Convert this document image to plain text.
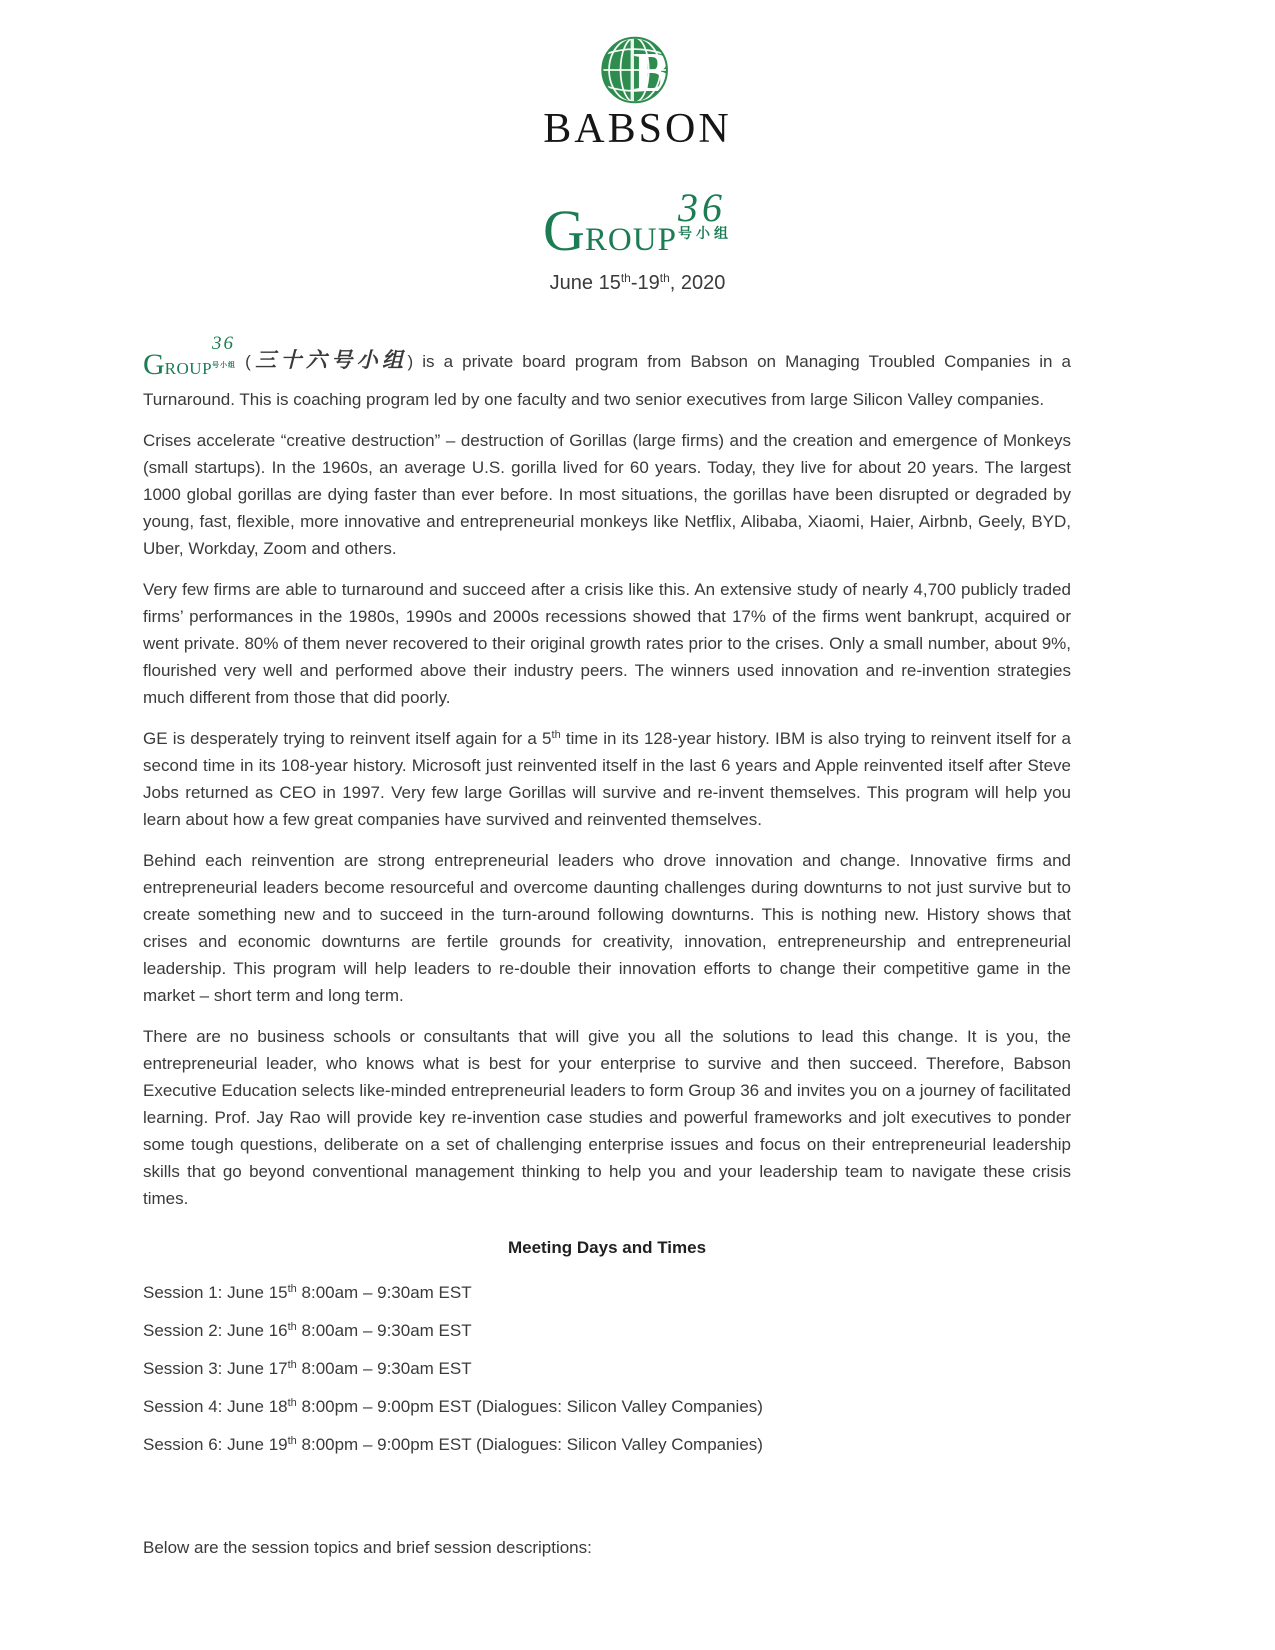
B
BABSON
GROUP
36
号小组
June 15th-19th, 2020

GROUP
36
号小组 (三十六号小组) is a private board program from Babson on Managing Troubled Companies in a Turnaround. This is coaching program led by one faculty and two senior executives from large Silicon Valley companies.

Crises accelerate “creative destruction” – destruction of Gorillas (large firms) and the creation and emergence of Monkeys (small startups). In the 1960s, an average U.S. gorilla lived for 60 years. Today, they live for about 20 years. The largest 1000 global gorillas are dying faster than ever before. In most situations, the gorillas have been disrupted or degraded by young, fast, flexible, more innovative and entrepreneurial monkeys like Netflix, Alibaba, Xiaomi, Haier, Airbnb, Geely, BYD, Uber, Workday, Zoom and others.

Very few firms are able to turnaround and succeed after a crisis like this. An extensive study of nearly 4,700 publicly traded firms’ performances in the 1980s, 1990s and 2000s recessions showed that 17% of the firms went bankrupt, acquired or went private. 80% of them never recovered to their original growth rates prior to the crises. Only a small number, about 9%, flourished very well and performed above their industry peers. The winners used innovation and re-invention strategies much different from those that did poorly.

GE is desperately trying to reinvent itself again for a 5th time in its 128-year history. IBM is also trying to reinvent itself for a second time in its 108-year history. Microsoft just reinvented itself in the last 6 years and Apple reinvented itself after Steve Jobs returned as CEO in 1997. Very few large Gorillas will survive and re-invent themselves. This program will help you learn about how a few great companies have survived and reinvented themselves.

Behind each reinvention are strong entrepreneurial leaders who drove innovation and change. Innovative firms and entrepreneurial leaders become resourceful and overcome daunting challenges during downturns to not just survive but to create something new and to succeed in the turn-around following downturns. This is nothing new. History shows that crises and economic downturns are fertile grounds for creativity, innovation, entrepreneurship and entrepreneurial leadership. This program will help leaders to re-double their innovation efforts to change their competitive game in the market – short term and long term.

There are no business schools or consultants that will give you all the solutions to lead this change. It is you, the entrepreneurial leader, who knows what is best for your enterprise to survive and then succeed. Therefore, Babson Executive Education selects like-minded entrepreneurial leaders to form Group 36 and invites you on a journey of facilitated learning. Prof. Jay Rao will provide key re-invention case studies and powerful frameworks and jolt executives to ponder some tough questions, deliberate on a set of challenging enterprise issues and focus on their entrepreneurial leadership skills that go beyond conventional management thinking to help you and your leadership team to navigate these crisis times.

Meeting Days and Times

Session 1: June 15th 8:00am – 9:30am EST

Session 2: June 16th 8:00am – 9:30am EST

Session 3: June 17th 8:00am – 9:30am EST

Session 4: June 18th 8:00pm – 9:00pm EST (Dialogues: Silicon Valley Companies)

Session 6: June 19th 8:00pm – 9:00pm EST (Dialogues: Silicon Valley Companies)

Below are the session topics and brief session descriptions:
